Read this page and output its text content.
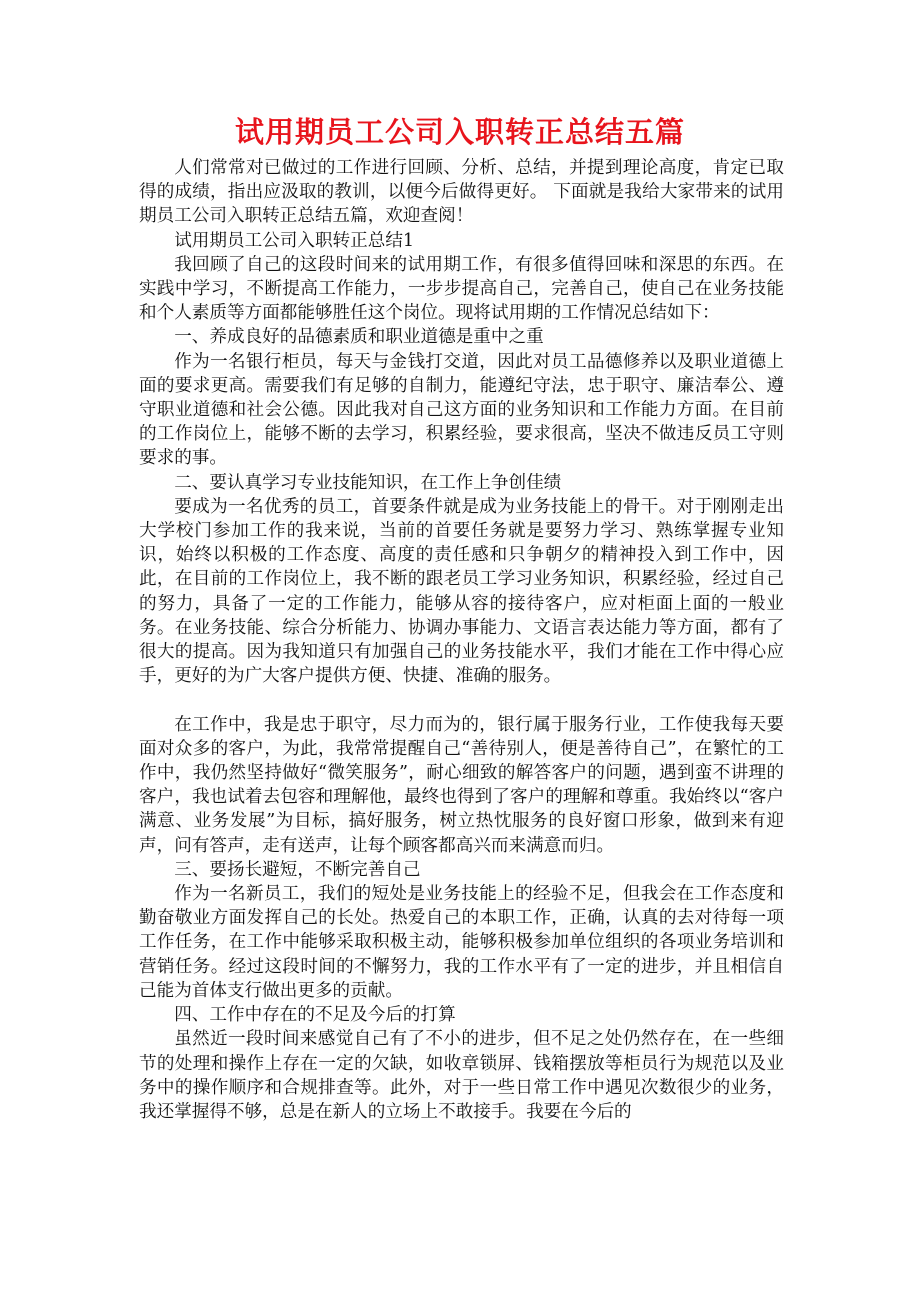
试用期员工公司入职转正总结五篇

人们常常对已做过的工作进行回顾、分析、总结，并提到理论高度，肯定已取得的成绩，指出应汲取的教训，以便今后做得更好。 下面就是我给大家带来的试用期员工公司入职转正总结五篇，欢迎查阅！

试用期员工公司入职转正总结1

我回顾了自己的这段时间来的试用期工作，有很多值得回味和深思的东西。在实践中学习，不断提高工作能力，一步步提高自己，完善自己，使自己在业务技能和个人素质等方面都能够胜任这个岗位。现将试用期的工作情况总结如下：

一、养成良好的品德素质和职业道德是重中之重

作为一名银行柜员，每天与金钱打交道，因此对员工品德修养以及职业道德上面的要求更高。需要我们有足够的自制力，能遵纪守法，忠于职守、廉洁奉公、遵守职业道德和社会公德。因此我对自己这方面的业务知识和工作能力方面。在目前的工作岗位上，能够不断的去学习，积累经验，要求很高，坚决不做违反员工守则要求的事。

二、要认真学习专业技能知识，在工作上争创佳绩

要成为一名优秀的员工，首要条件就是成为业务技能上的骨干。对于刚刚走出大学校门参加工作的我来说，当前的首要任务就是要努力学习、熟练掌握专业知识，始终以积极的工作态度、高度的责任感和只争朝夕的精神投入到工作中，因此，在目前的工作岗位上，我不断的跟老员工学习业务知识，积累经验，经过自己的努力，具备了一定的工作能力，能够从容的接待客户，应对柜面上面的一般业务。在业务技能、综合分析能力、协调办事能力、文语言表达能力等方面，都有了很大的提高。因为我知道只有加强自己的业务技能水平，我们才能在工作中得心应手，更好的为广大客户提供方便、快捷、准确的服务。

在工作中，我是忠于职守，尽力而为的，银行属于服务行业，工作使我每天要面对众多的客户，为此，我常常提醒自己“善待别人，便是善待自己”，在繁忙的工作中，我仍然坚持做好“微笑服务”，耐心细致的解答客户的问题，遇到蛮不讲理的客户，我也试着去包容和理解他，最终也得到了客户的理解和尊重。我始终以“客户满意、业务发展”为目标，搞好服务，树立热忱服务的良好窗口形象，做到来有迎声，问有答声，走有送声，让每个顾客都高兴而来满意而归。

三、要扬长避短，不断完善自己

作为一名新员工，我们的短处是业务技能上的经验不足，但我会在工作态度和勤奋敬业方面发挥自己的长处。热爱自己的本职工作，正确，认真的去对待每一项工作任务，在工作中能够采取积极主动，能够积极参加单位组织的各项业务培训和营销任务。经过这段时间的不懈努力，我的工作水平有了一定的进步，并且相信自己能为首体支行做出更多的贡献。

四、工作中存在的不足及今后的打算

虽然近一段时间来感觉自己有了不小的进步，但不足之处仍然存在，在一些细节的处理和操作上存在一定的欠缺，如收章锁屏、钱箱摆放等柜员行为规范以及业务中的操作顺序和合规排查等。此外，对于一些日常工作中遇见次数很少的业务，我还掌握得不够，总是在新人的立场上不敢接手。我要在今后的
